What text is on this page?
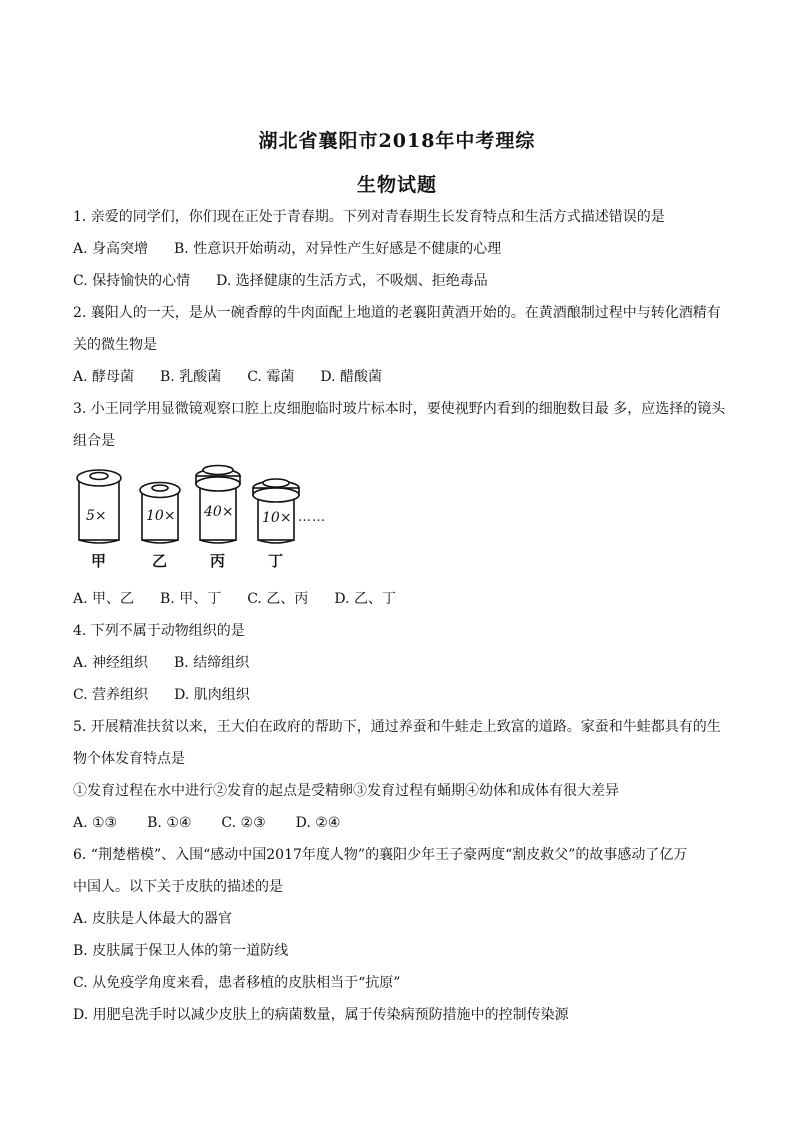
湖北省襄阳市2018年中考理综
生物试题
1. 亲爱的同学们，你们现在正处于青春期。下列对青春期生长发育特点和生活方式描述错误的是
A. 身高突增 B. 性意识开始萌动，对异性产生好感是不健康的心理
C. 保持愉快的心情 D. 选择健康的生活方式，不吸烟、拒绝毒品
2. 襄阳人的一天，是从一碗香醇的牛肉面配上地道的老襄阳黄酒开始的。在黄酒酿制过程中与转化酒精有
关的微生物是
A. 酵母菌 B. 乳酸菌 C. 霉菌 D. 醋酸菌
3. 小王同学用显微镜观察口腔上皮细胞临时玻片标本时，要使视野内看到的细胞数目最 多，应选择的镜头
组合是
5×	10× 40× 10×
甲	乙	丙	丁
……
A. 甲、乙 B. 甲、丁 C. 乙、丙 D. 乙、丁
4. 下列不属于动物组织的是
A. 神经组织 B. 结缔组织
C. 营养组织 D. 肌肉组织
5. 开展精准扶贫以来，王大伯在政府的帮助下，通过养蚕和牛蛙走上致富的道路。家蚕和牛蛙都具有的生
物个体发育特点是
①发育过程在水中进行②发育的起点是受精卵③发育过程有蛹期④幼体和成体有很大差异
A. ①③ B. ①④ C. ②③ D. ②④
6. “荆楚楷模”、入围“感动中国2017年度人物”的襄阳少年王子豪两度“割皮救父”的故事感动了亿万
中国人。以下关于皮肤的描述的是
A. 皮肤是人体最大的器官
B. 皮肤属于保卫人体的第一道防线
C. 从免疫学角度来看，患者移植的皮肤相当于“抗原”
D. 用肥皂洗手时以减少皮肤上的病菌数量，属于传染病预防措施中的控制传染源
